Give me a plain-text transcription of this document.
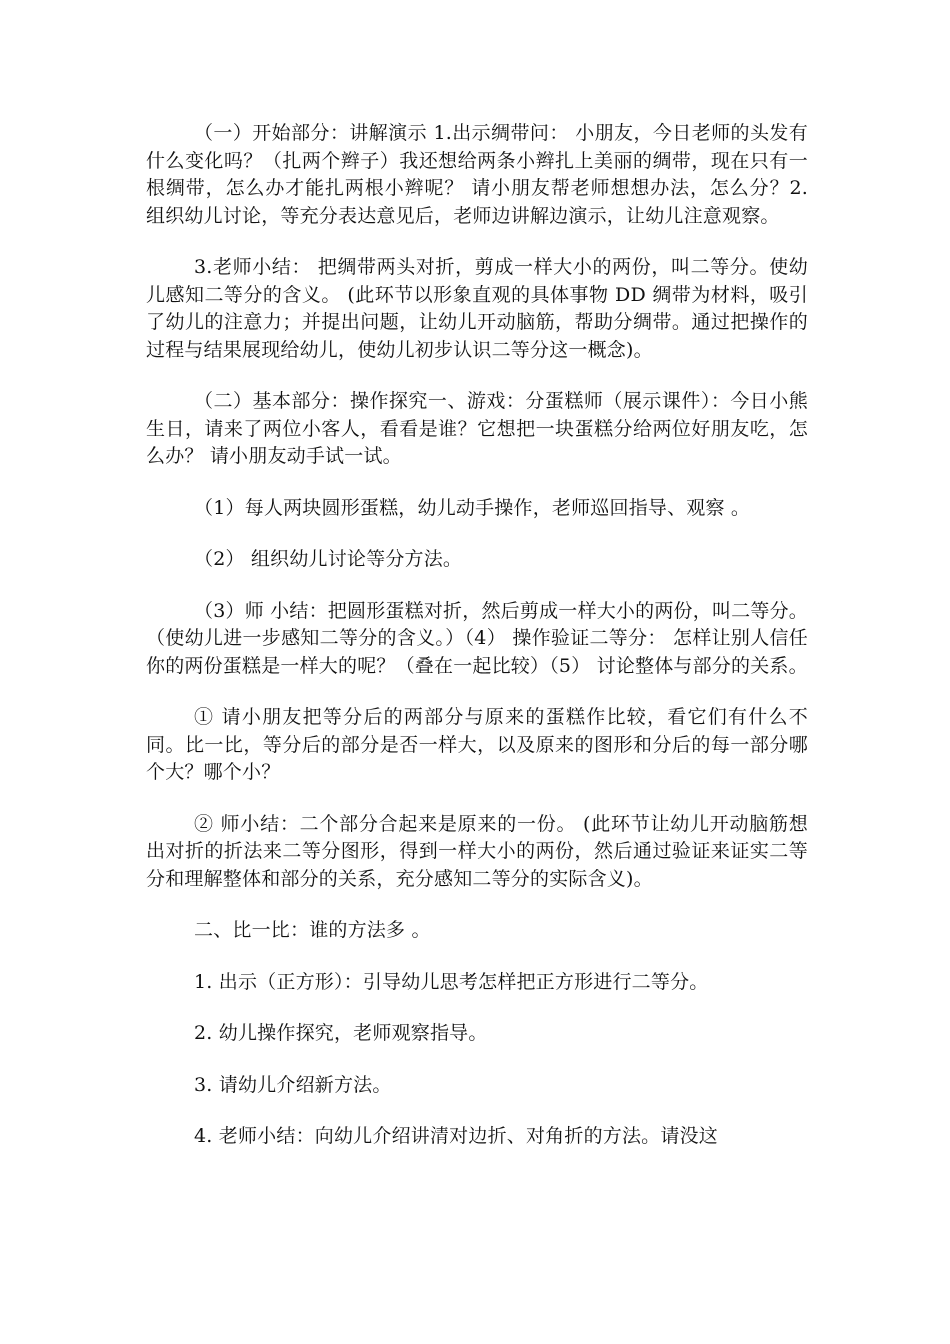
（一）开始部分：讲解演示 1.出示绸带问： 小朋友，今日老师的头发有什么变化吗？（扎两个辫子）我还想给两条小辫扎上美丽的绸带，现在只有一根绸带，怎么办才能扎两根小辫呢？ 请小朋友帮老师想想办法，怎么分？2. 组织幼儿讨论，等充分表达意见后，老师边讲解边演示，让幼儿注意观察。

3.老师小结： 把绸带两头对折，剪成一样大小的两份，叫二等分。使幼儿感知二等分的含义。 (此环节以形象直观的具体事物 DD 绸带为材料，吸引了幼儿的注意力；并提出问题，让幼儿开动脑筋，帮助分绸带。通过把操作的过程与结果展现给幼儿，使幼儿初步认识二等分这一概念)。

（二）基本部分：操作探究一、游戏：分蛋糕师（展示课件）：今日小熊生日，请来了两位小客人，看看是谁？它想把一块蛋糕分给两位好朋友吃，怎么办？ 请小朋友动手试一试。

（1）每人两块圆形蛋糕，幼儿动手操作，老师巡回指导、观察 。

（2） 组织幼儿讨论等分方法。

（3）师 小结：把圆形蛋糕对折，然后剪成一样大小的两份，叫二等分。（使幼儿进一步感知二等分的含义。）（4） 操作验证二等分： 怎样让别人信任你的两份蛋糕是一样大的呢？（叠在一起比较）（5） 讨论整体与部分的关系。

① 请小朋友把等分后的两部分与原来的蛋糕作比较，看它们有什么不同。比一比，等分后的部分是否一样大，以及原来的图形和分后的每一部分哪个大？哪个小？

② 师小结：二个部分合起来是原来的一份。 (此环节让幼儿开动脑筋想出对折的折法来二等分图形，得到一样大小的两份，然后通过验证来证实二等分和理解整体和部分的关系，充分感知二等分的实际含义)。

二、比一比：谁的方法多 。

1. 出示（正方形）：引导幼儿思考怎样把正方形进行二等分。

2. 幼儿操作探究，老师观察指导。

3. 请幼儿介绍新方法。

4. 老师小结：向幼儿介绍讲清对边折、对角折的方法。请没这
